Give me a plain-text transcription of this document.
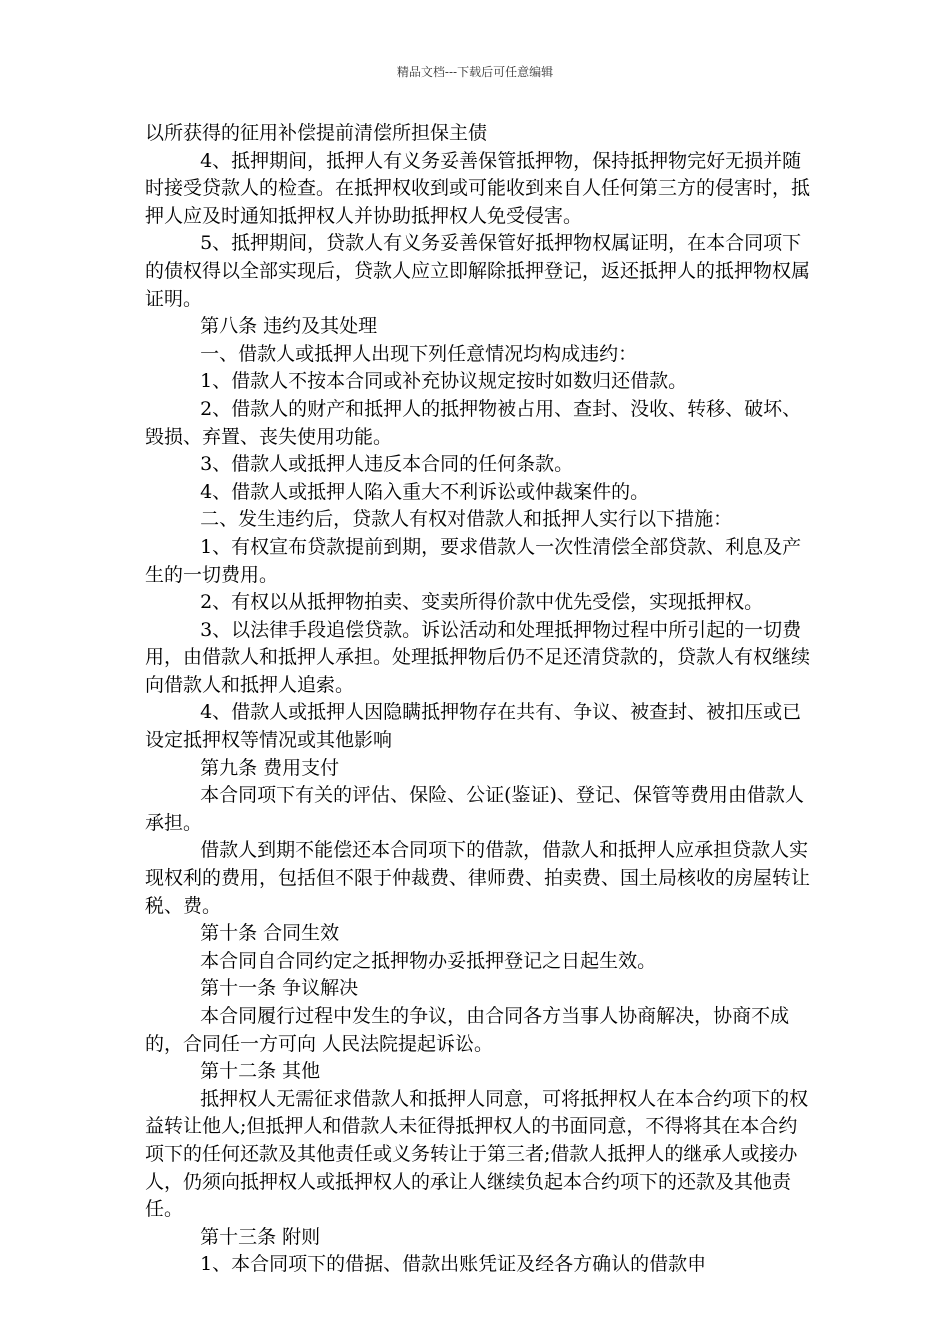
精品文档---下载后可任意编辑

以所获得的征用补偿提前清偿所担保主债

4、抵押期间，抵押人有义务妥善保管抵押物，保持抵押物完好无损并随时接受贷款人的检查。在抵押权收到或可能收到来自人任何第三方的侵害时，抵押人应及时通知抵押权人并协助抵押权人免受侵害。

5、抵押期间，贷款人有义务妥善保管好抵押物权属证明，在本合同项下的债权得以全部实现后，贷款人应立即解除抵押登记，返还抵押人的抵押物权属证明。

第八条 违约及其处理

一、借款人或抵押人出现下列任意情况均构成违约：

1、借款人不按本合同或补充协议规定按时如数归还借款。

2、借款人的财产和抵押人的抵押物被占用、查封、没收、转移、破坏、毁损、弃置、丧失使用功能。

3、借款人或抵押人违反本合同的任何条款。

4、借款人或抵押人陷入重大不利诉讼或仲裁案件的。

二、发生违约后，贷款人有权对借款人和抵押人实行以下措施：

1、有权宣布贷款提前到期，要求借款人一次性清偿全部贷款、利息及产生的一切费用。

2、有权以从抵押物拍卖、变卖所得价款中优先受偿，实现抵押权。

3、以法律手段追偿贷款。诉讼活动和处理抵押物过程中所引起的一切费用，由借款人和抵押人承担。处理抵押物后仍不足还清贷款的，贷款人有权继续向借款人和抵押人追索。

4、借款人或抵押人因隐瞒抵押物存在共有、争议、被查封、被扣压或已设定抵押权等情况或其他影响

第九条 费用支付

本合同项下有关的评估、保险、公证(鉴证)、登记、保管等费用由借款人承担。

借款人到期不能偿还本合同项下的借款，借款人和抵押人应承担贷款人实现权利的费用，包括但不限于仲裁费、律师费、拍卖费、国土局核收的房屋转让税、费。

第十条 合同生效

本合同自合同约定之抵押物办妥抵押登记之日起生效。

第十一条 争议解决

本合同履行过程中发生的争议，由合同各方当事人协商解决，协商不成的，合同任一方可向 人民法院提起诉讼。

第十二条 其他

抵押权人无需征求借款人和抵押人同意，可将抵押权人在本合约项下的权益转让他人;但抵押人和借款人未征得抵押权人的书面同意，不得将其在本合约项下的任何还款及其他责任或义务转让于第三者;借款人抵押人的继承人或接办人，仍须向抵押权人或抵押权人的承让人继续负起本合约项下的还款及其他责任。

第十三条 附则

1、本合同项下的借据、借款出账凭证及经各方确认的借款申
